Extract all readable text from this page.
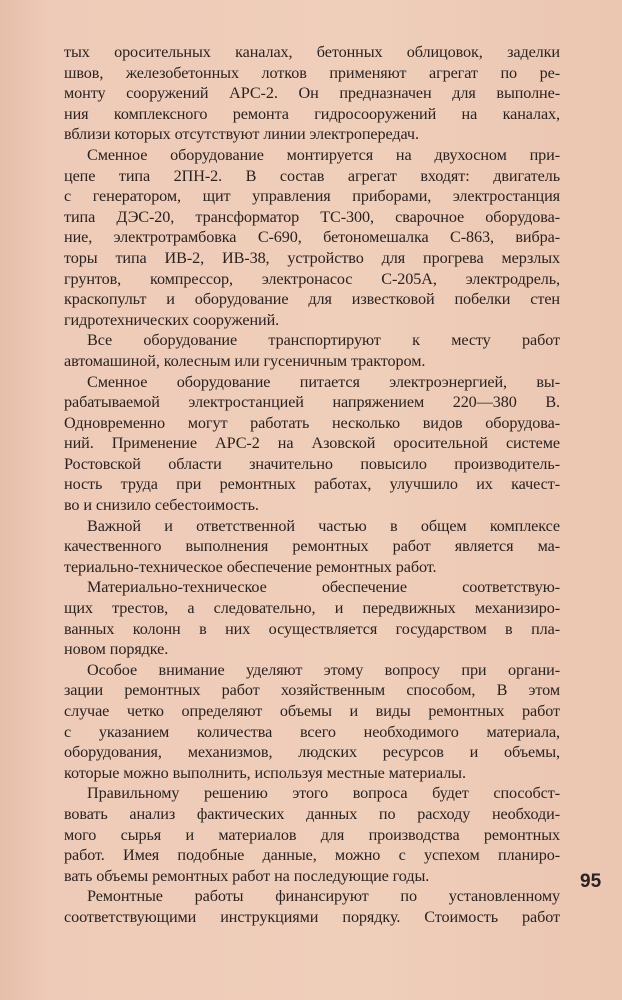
тых оросительных каналах, бетонных облицовок, заделки
швов, железобетонных лотков применяют агрегат по ре-
монту сооружений АРС-2. Он предназначен для выполне-
ния комплексного ремонта гидросооружений на каналах,
вблизи которых отсутствуют линии электропередач.
Сменное оборудование монтируется на двухосном при-
цепе типа 2ПН-2. В состав агрегат входят: двигатель
с генератором, щит управления приборами, электростанция
типа ДЭС-20, трансформатор ТС-300, сварочное оборудова-
ние, электротрамбовка С-690, бетономешалка С-863, вибра-
торы типа ИВ-2, ИВ-38, устройство для прогрева мерзлых
грунтов, компрессор, электронасос С-205А, электродрель,
краскопульт и оборудование для известковой побелки стен
гидротехнических сооружений.
Все оборудование транспортируют к месту работ
автомашиной, колесным или гусеничным трактором.
Сменное оборудование питается электроэнергией, вы-
рабатываемой электростанцией напряжением 220—380 В.
Одновременно могут работать несколько видов оборудова-
ний. Применение АРС-2 на Азовской оросительной системе
Ростовской области значительно повысило производитель-
ность труда при ремонтных работах, улучшило их качест-
во и снизило себестоимость.
Важной и ответственной частью в общем комплексе
качественного выполнения ремонтных работ является ма-
териально-техническое обеспечение ремонтных работ.
Материально-техническое обеспечение соответствую-
щих трестов, а следовательно, и передвижных механизиро-
ванных колонн в них осуществляется государством в пла-
новом порядке.
Особое внимание уделяют этому вопросу при органи-
зации ремонтных работ хозяйственным способом, В этом
случае четко определяют объемы и виды ремонтных работ
с указанием количества всего необходимого материала,
оборудования, механизмов, людских ресурсов и объемы,
которые можно выполнить, используя местные материалы.
Правильному решению этого вопроса будет способст-
вовать анализ фактических данных по расходу необходи-
мого сырья и материалов для производства ремонтных
работ. Имея подобные данные, можно с успехом планиро-
вать объемы ремонтных работ на последующие годы.
Ремонтные работы финансируют по установленному
соответствующими инструкциями порядку. Стоимость работ
95
